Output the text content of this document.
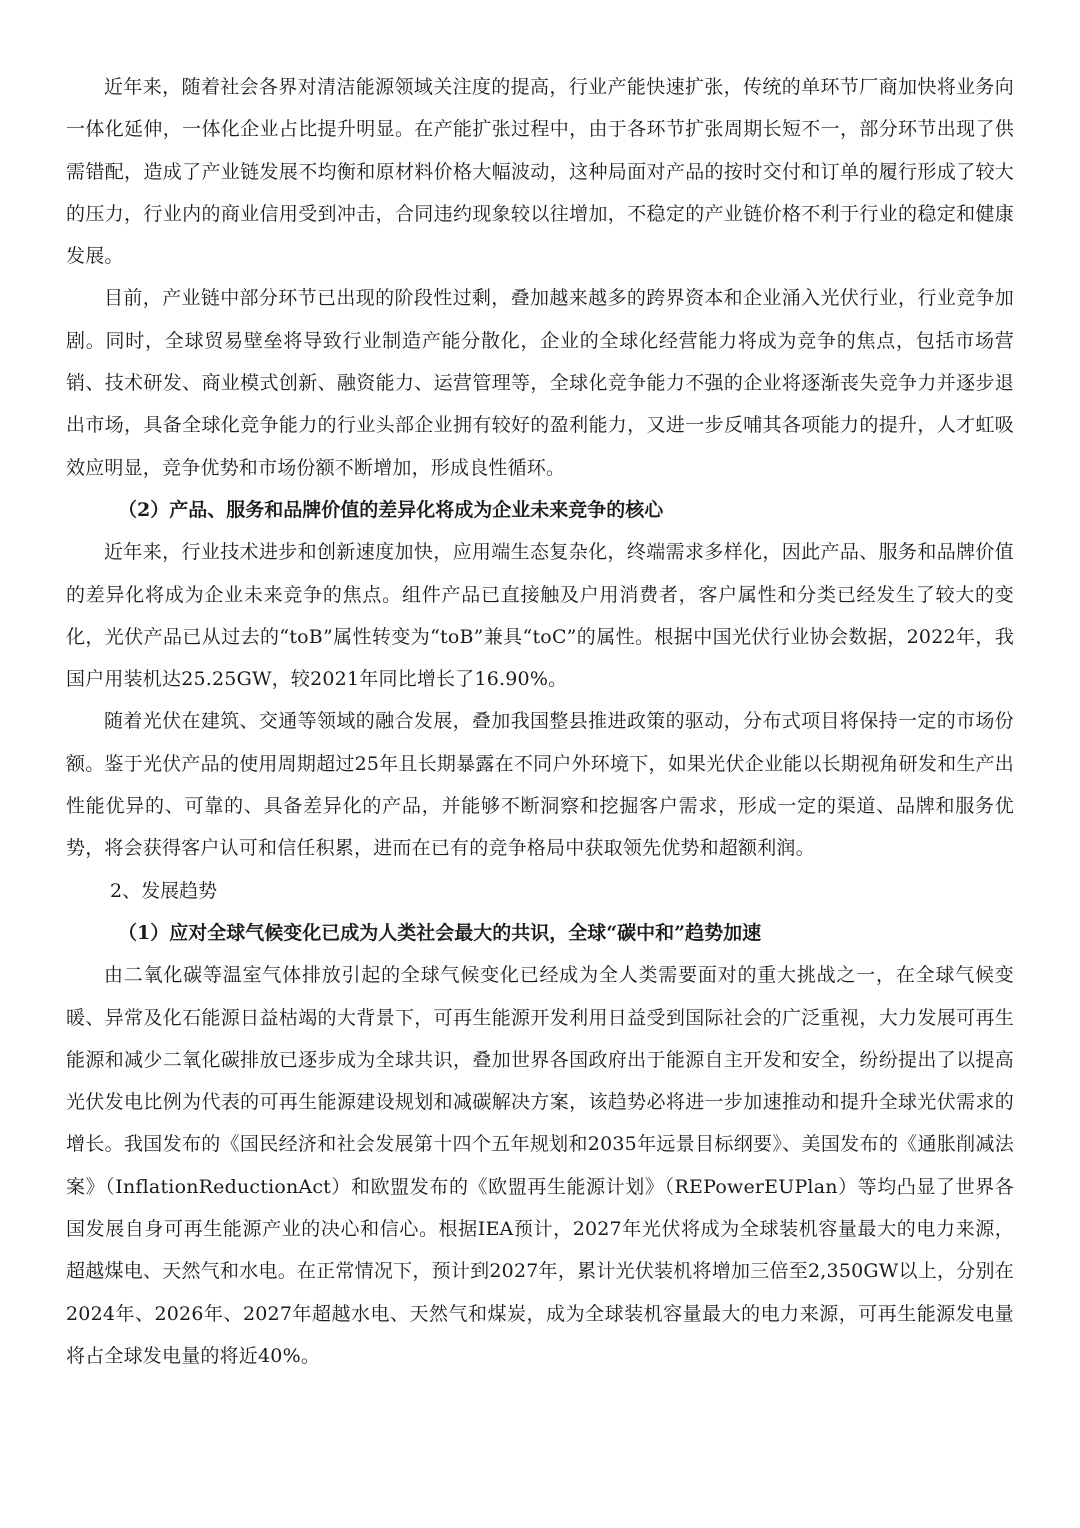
近年来，随着社会各界对清洁能源领域关注度的提高，行业产能快速扩张，传统的单环节厂商加快将业务向一体化延伸，一体化企业占比提升明显。在产能扩张过程中，由于各环节扩张周期长短不一，部分环节出现了供需错配，造成了产业链发展不均衡和原材料价格大幅波动，这种局面对产品的按时交付和订单的履行形成了较大的压力，行业内的商业信用受到冲击，合同违约现象较以往增加，不稳定的产业链价格不利于行业的稳定和健康发展。

目前，产业链中部分环节已出现的阶段性过剩，叠加越来越多的跨界资本和企业涌入光伏行业，行业竞争加剧。同时，全球贸易壁垒将导致行业制造产能分散化，企业的全球化经营能力将成为竞争的焦点，包括市场营销、技术研发、商业模式创新、融资能力、运营管理等，全球化竞争能力不强的企业将逐渐丧失竞争力并逐步退出市场，具备全球化竞争能力的行业头部企业拥有较好的盈利能力，又进一步反哺其各项能力的提升，人才虹吸效应明显，竞争优势和市场份额不断增加，形成良性循环。

（2）产品、服务和品牌价值的差异化将成为企业未来竞争的核心

近年来，行业技术进步和创新速度加快，应用端生态复杂化，终端需求多样化，因此产品、服务和品牌价值的差异化将成为企业未来竞争的焦点。组件产品已直接触及户用消费者，客户属性和分类已经发生了较大的变化，光伏产品已从过去的“toB”属性转变为“toB”兼具“toC”的属性。根据中国光伏行业协会数据，2022年，我国户用装机达25.25GW，较2021年同比增长了16.90%。

随着光伏在建筑、交通等领域的融合发展，叠加我国整县推进政策的驱动，分布式项目将保持一定的市场份额。鉴于光伏产品的使用周期超过25年且长期暴露在不同户外环境下，如果光伏企业能以长期视角研发和生产出性能优异的、可靠的、具备差异化的产品，并能够不断洞察和挖掘客户需求，形成一定的渠道、品牌和服务优势，将会获得客户认可和信任积累，进而在已有的竞争格局中获取领先优势和超额利润。

2、发展趋势

（1）应对全球气候变化已成为人类社会最大的共识，全球“碳中和”趋势加速

由二氧化碳等温室气体排放引起的全球气候变化已经成为全人类需要面对的重大挑战之一，在全球气候变暖、异常及化石能源日益枯竭的大背景下，可再生能源开发利用日益受到国际社会的广泛重视，大力发展可再生能源和减少二氧化碳排放已逐步成为全球共识，叠加世界各国政府出于能源自主开发和安全，纷纷提出了以提高光伏发电比例为代表的可再生能源建设规划和减碳解决方案，该趋势必将进一步加速推动和提升全球光伏需求的增长。我国发布的《国民经济和社会发展第十四个五年规划和2035年远景目标纲要》、美国发布的《通胀削减法案》（InflationReductionAct）和欧盟发布的《欧盟再生能源计划》（REPowerEUPlan）等均凸显了世界各国发展自身可再生能源产业的决心和信心。根据IEA预计，2027年光伏将成为全球装机容量最大的电力来源，超越煤电、天然气和水电。在正常情况下，预计到2027年，累计光伏装机将增加三倍至2,350GW以上，分别在2024年、2026年、2027年超越水电、天然气和煤炭，成为全球装机容量最大的电力来源，可再生能源发电量将占全球发电量的将近40%。
